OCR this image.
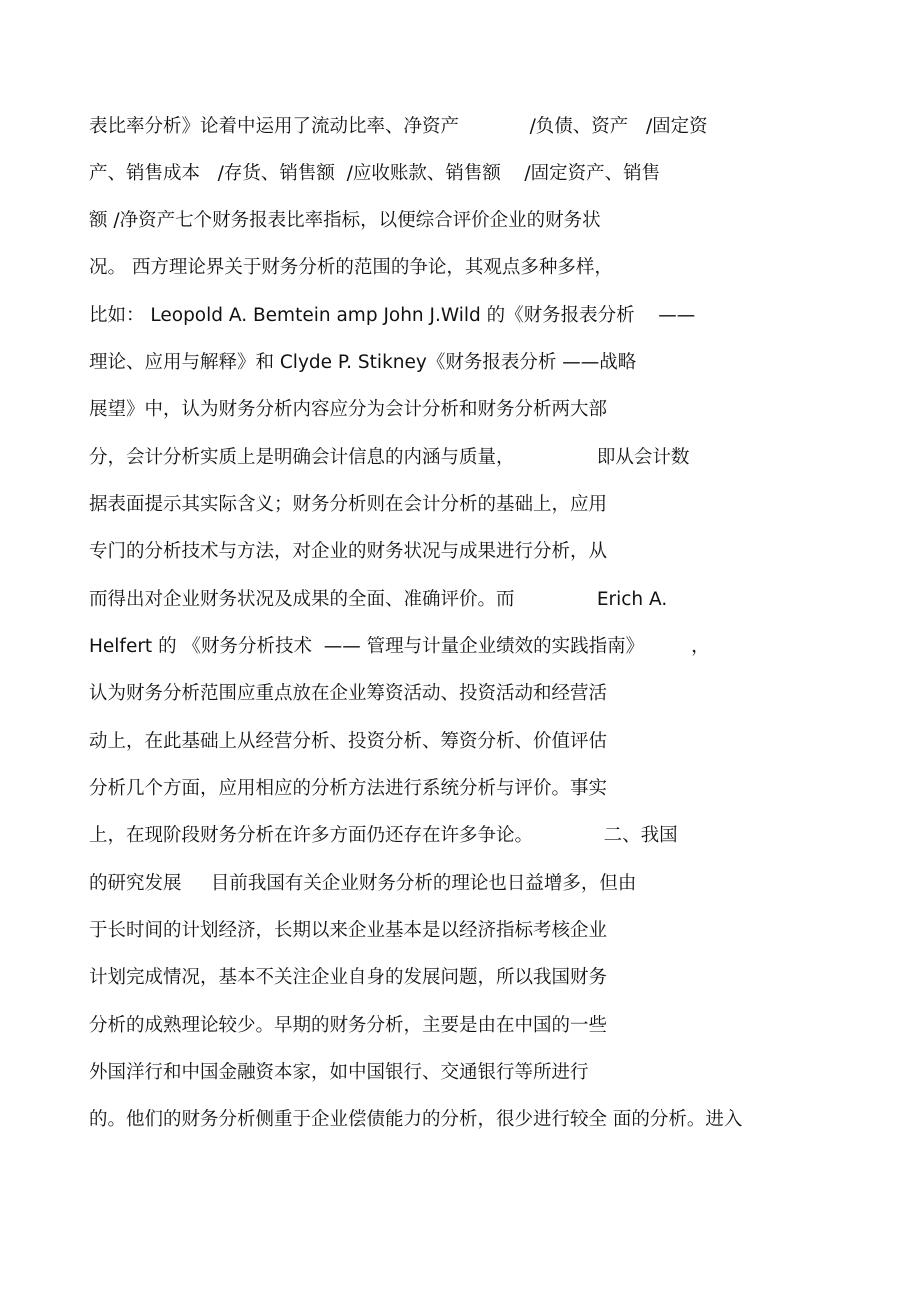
表比率分析》论着中运用了流动比率、净资产            /负债、资产   /固定资
产、销售成本   /存货、销售额  /应收账款、销售额    /固定资产、销售
额 /净资产七个财务报表比率指标，以便综合评价企业的财务状
况。 西方理论界关于财务分析的范围的争论，其观点多种多样，
比如： Leopold A. Bemtein amp John J.Wild 的《财务报表分析    ——
理论、应用与解释》和 Clyde P. Stikney《财务报表分析 ——战略
展望》中，认为财务分析内容应分为会计分析和财务分析两大部
分，会计分析实质上是明确会计信息的内涵与质量，              即从会计数
据表面提示其实际含义；财务分析则在会计分析的基础上，应用
专门的分析技术与方法，对企业的财务状况与成果进行分析，从
而得出对企业财务状况及成果的全面、准确评价。而              Erich A.
Helfert 的 《财务分析技术  —— 管理与计量企业绩效的实践指南》        ，
认为财务分析范围应重点放在企业筹资活动、投资活动和经营活
动上，在此基础上从经营分析、投资分析、筹资分析、价值评估
分析几个方面，应用相应的分析方法进行系统分析与评价。事实
上，在现阶段财务分析在许多方面仍还存在许多争论。            二、我国
的研究发展     目前我国有关企业财务分析的理论也日益增多，但由
于长时间的计划经济，长期以来企业基本是以经济指标考核企业
计划完成情况，基本不关注企业自身的发展问题，所以我国财务
分析的成熟理论较少。早期的财务分析，主要是由在中国的一些
外国洋行和中国金融资本家，如中国银行、交通银行等所进行
的。他们的财务分析侧重于企业偿债能力的分析，很少进行较全 面的分析。进入
